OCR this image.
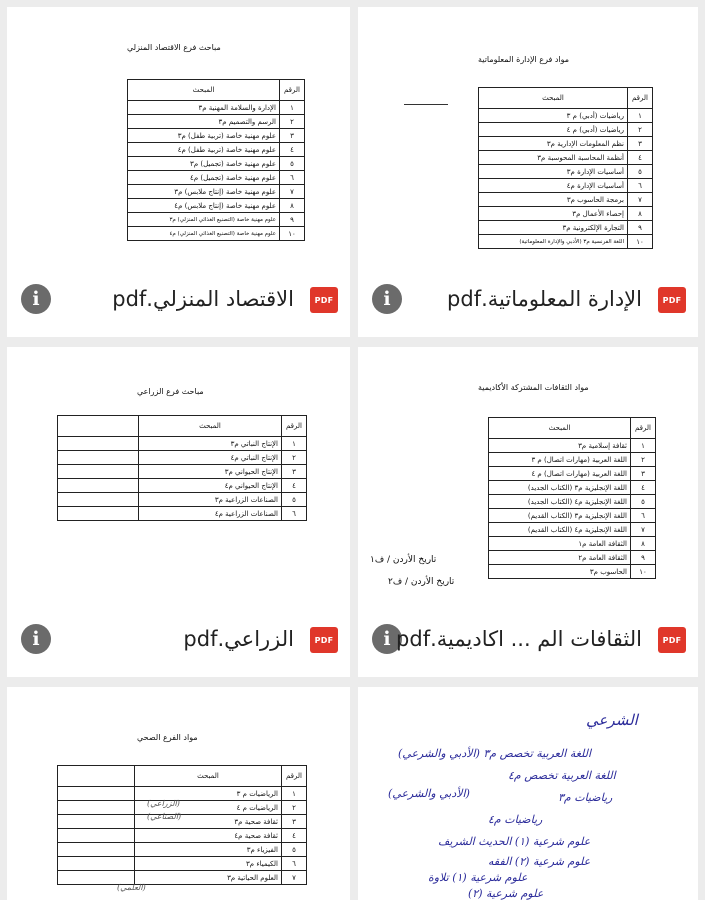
مواد فرع الإدارة المعلوماتية
الرقم	المبحث
١	رياضيات (أدبي) م ٣
٢	رياضيات (أدبي) م ٤
٣	نظم المعلومات الإدارية م٣
٤	أنظمة المحاسبة المحوسبة م٣
٥	أساسيات الإدارة م٣
٦	أساسيات الإدارة م٤
٧	برمجة الحاسوب م٣
٨	إحصاء الأعمال م٣
٩	التجارة الإلكترونية م٣
١٠	اللغة الفرنسية م٣ (الأدبي والإدارة المعلوماتية)
i	الإدارة المعلوماتية.pdf	PDF
مباحث فرع الاقتصاد المنزلي
الرقم	المبحث
١	الإدارة والسلامة المهنية م٣
٢	الرسم والتصميم م٣
٣	علوم مهنية خاصة (تربية طفل) م٣
٤	علوم مهنية خاصة (تربية طفل) م٤
٥	علوم مهنية خاصة (تجميل) م٣
٦	علوم مهنية خاصة (تجميل) م٤
٧	علوم مهنية خاصة (إنتاج ملابس) م٣
٨	علوم مهنية خاصة (إنتاج ملابس) م٤
٩	علوم مهنية خاصة (التصنيع الغذائي المنزلي) م٣
١٠	علوم مهنية خاصة (التصنيع الغذائي المنزلي) م٤
i	الاقتصاد المنزلي.pdf	PDF
مواد الثقافات المشتركة الأكاديمية
الرقم	المبحث
١	ثقافة إسلامية م٣
٢	اللغة العربية (مهارات اتصال) م ٣
٣	اللغة العربية (مهارات اتصال) م ٤
٤	اللغة الإنجليزية م٣ (الكتاب الجديد)
٥	اللغة الإنجليزية م٤ (الكتاب الجديد)
٦	اللغة الإنجليزية م٣ (الكتاب القديم)
٧	اللغة الإنجليزية م٤ (الكتاب القديم)
٨	الثقافة العامة م١
٩	الثقافة العامة م٢
١٠	الحاسوب م٣
تاريخ الأردن / ف١
تاريخ الأردن / ف٢
i الثقافات الم ... اكاديمية.pdf	PDF
مباحث فرع الزراعي
الرقم	المبحث	
١	الإنتاج النباتي م٣	
٢	الإنتاج النباتي م٤	
٣	الإنتاج الحيواني م٣	
٤	الإنتاج الحيواني م٤	
٥	الصناعات الزراعية م٣	
٦	الصناعات الزراعية م٤	
i	الزراعي.pdf	PDF
الشرعي
اللغة العربية تخصص م٣ (الأدبي والشرعي)
اللغة العربية تخصص م٤
(الأدبي والشرعي)	رياضيات م٣
رياضيات م٤
علوم شرعية (١) الحديث الشريف
علوم شرعية (٢) الفقه
علوم شرعية (١) تلاوة
علوم شرعية (٢)
مواد الفرع الصحي
الرقم	المبحث	
١	الرياضيات م ٣	
٢	الرياضيات م ٤	
٣	ثقافة صحية م٣	
٤	ثقافة صحية م٤	
٥	الفيزياء م٣	
٦	الكيمياء م٣	
٧	العلوم الحياتية م٣	
(الزراعي)
(الصناعي)
(العلمي)
